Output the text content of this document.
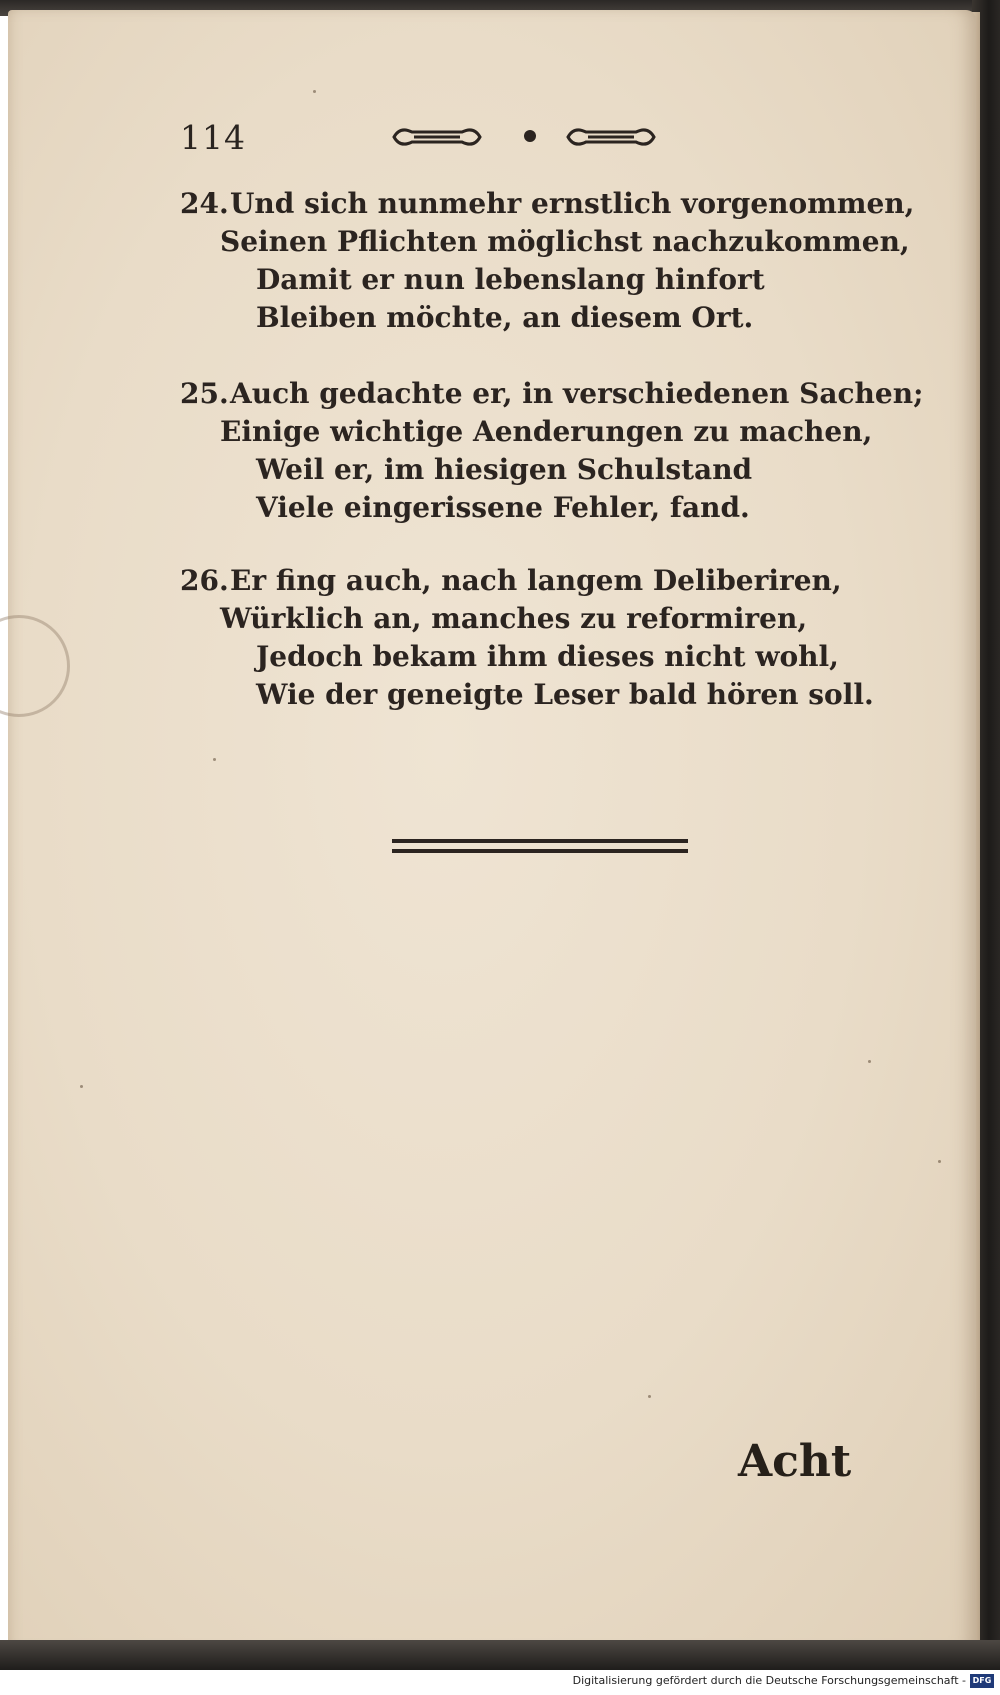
114
24.Und sich nunmehr ernstlich vorgenommen,
Seinen Pflichten möglichst nachzukommen,
Damit er nun lebenslang hinfort
Bleiben möchte, an diesem Ort.
25.Auch gedachte er, in verschiedenen Sachen;
Einige wichtige Aenderungen zu machen,
Weil er, im hiesigen Schulstand
Viele eingerissene Fehler, fand.
26.Er fing auch, nach langem Deliberiren,
Würklich an, manches zu reformiren,
Jedoch bekam ihm dieses nicht wohl,
Wie der geneigte Leser bald hören soll.
Acht
Digitalisierung gefördert durch die Deutsche Forschungsgemeinschaft - DFG
